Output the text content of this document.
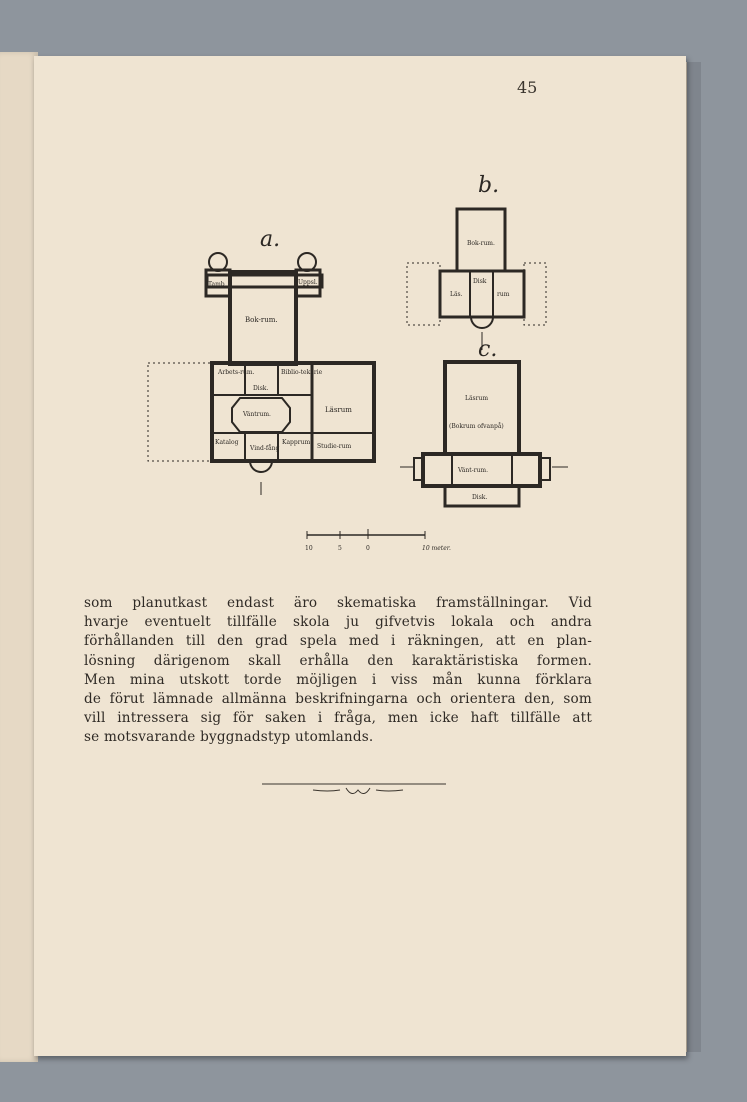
45
a.
Tamb	Uppsl.
Bok-rum.
Arbets-rum.
Disk.
Biblio-tekarie
Väntrum.
Läsrum
Katalog
Vind-fång
Kapprum
Studie-rum
b.
Bok-rum.
Disk
Läs.	rum
c.
Läsrum
(Bokrum ofvanpå)
Vänt-rum.
Disk.
10	5	0	10 meter.
som planutkast endast äro skematiska framställningar. Vid
hvarje eventuelt tillfälle skola ju gifvetvis lokala och andra
förhållanden till den grad spela med i räkningen, att en plan-
lösning därigenom skall erhålla den karaktäristiska formen.
Men mina utskott torde möjligen i viss mån kunna förklara
de förut lämnade allmänna beskrifningarna och orientera den, som
vill intressera sig för saken i fråga, men icke haft tillfälle att
se motsvarande byggnadstyp utomlands.
